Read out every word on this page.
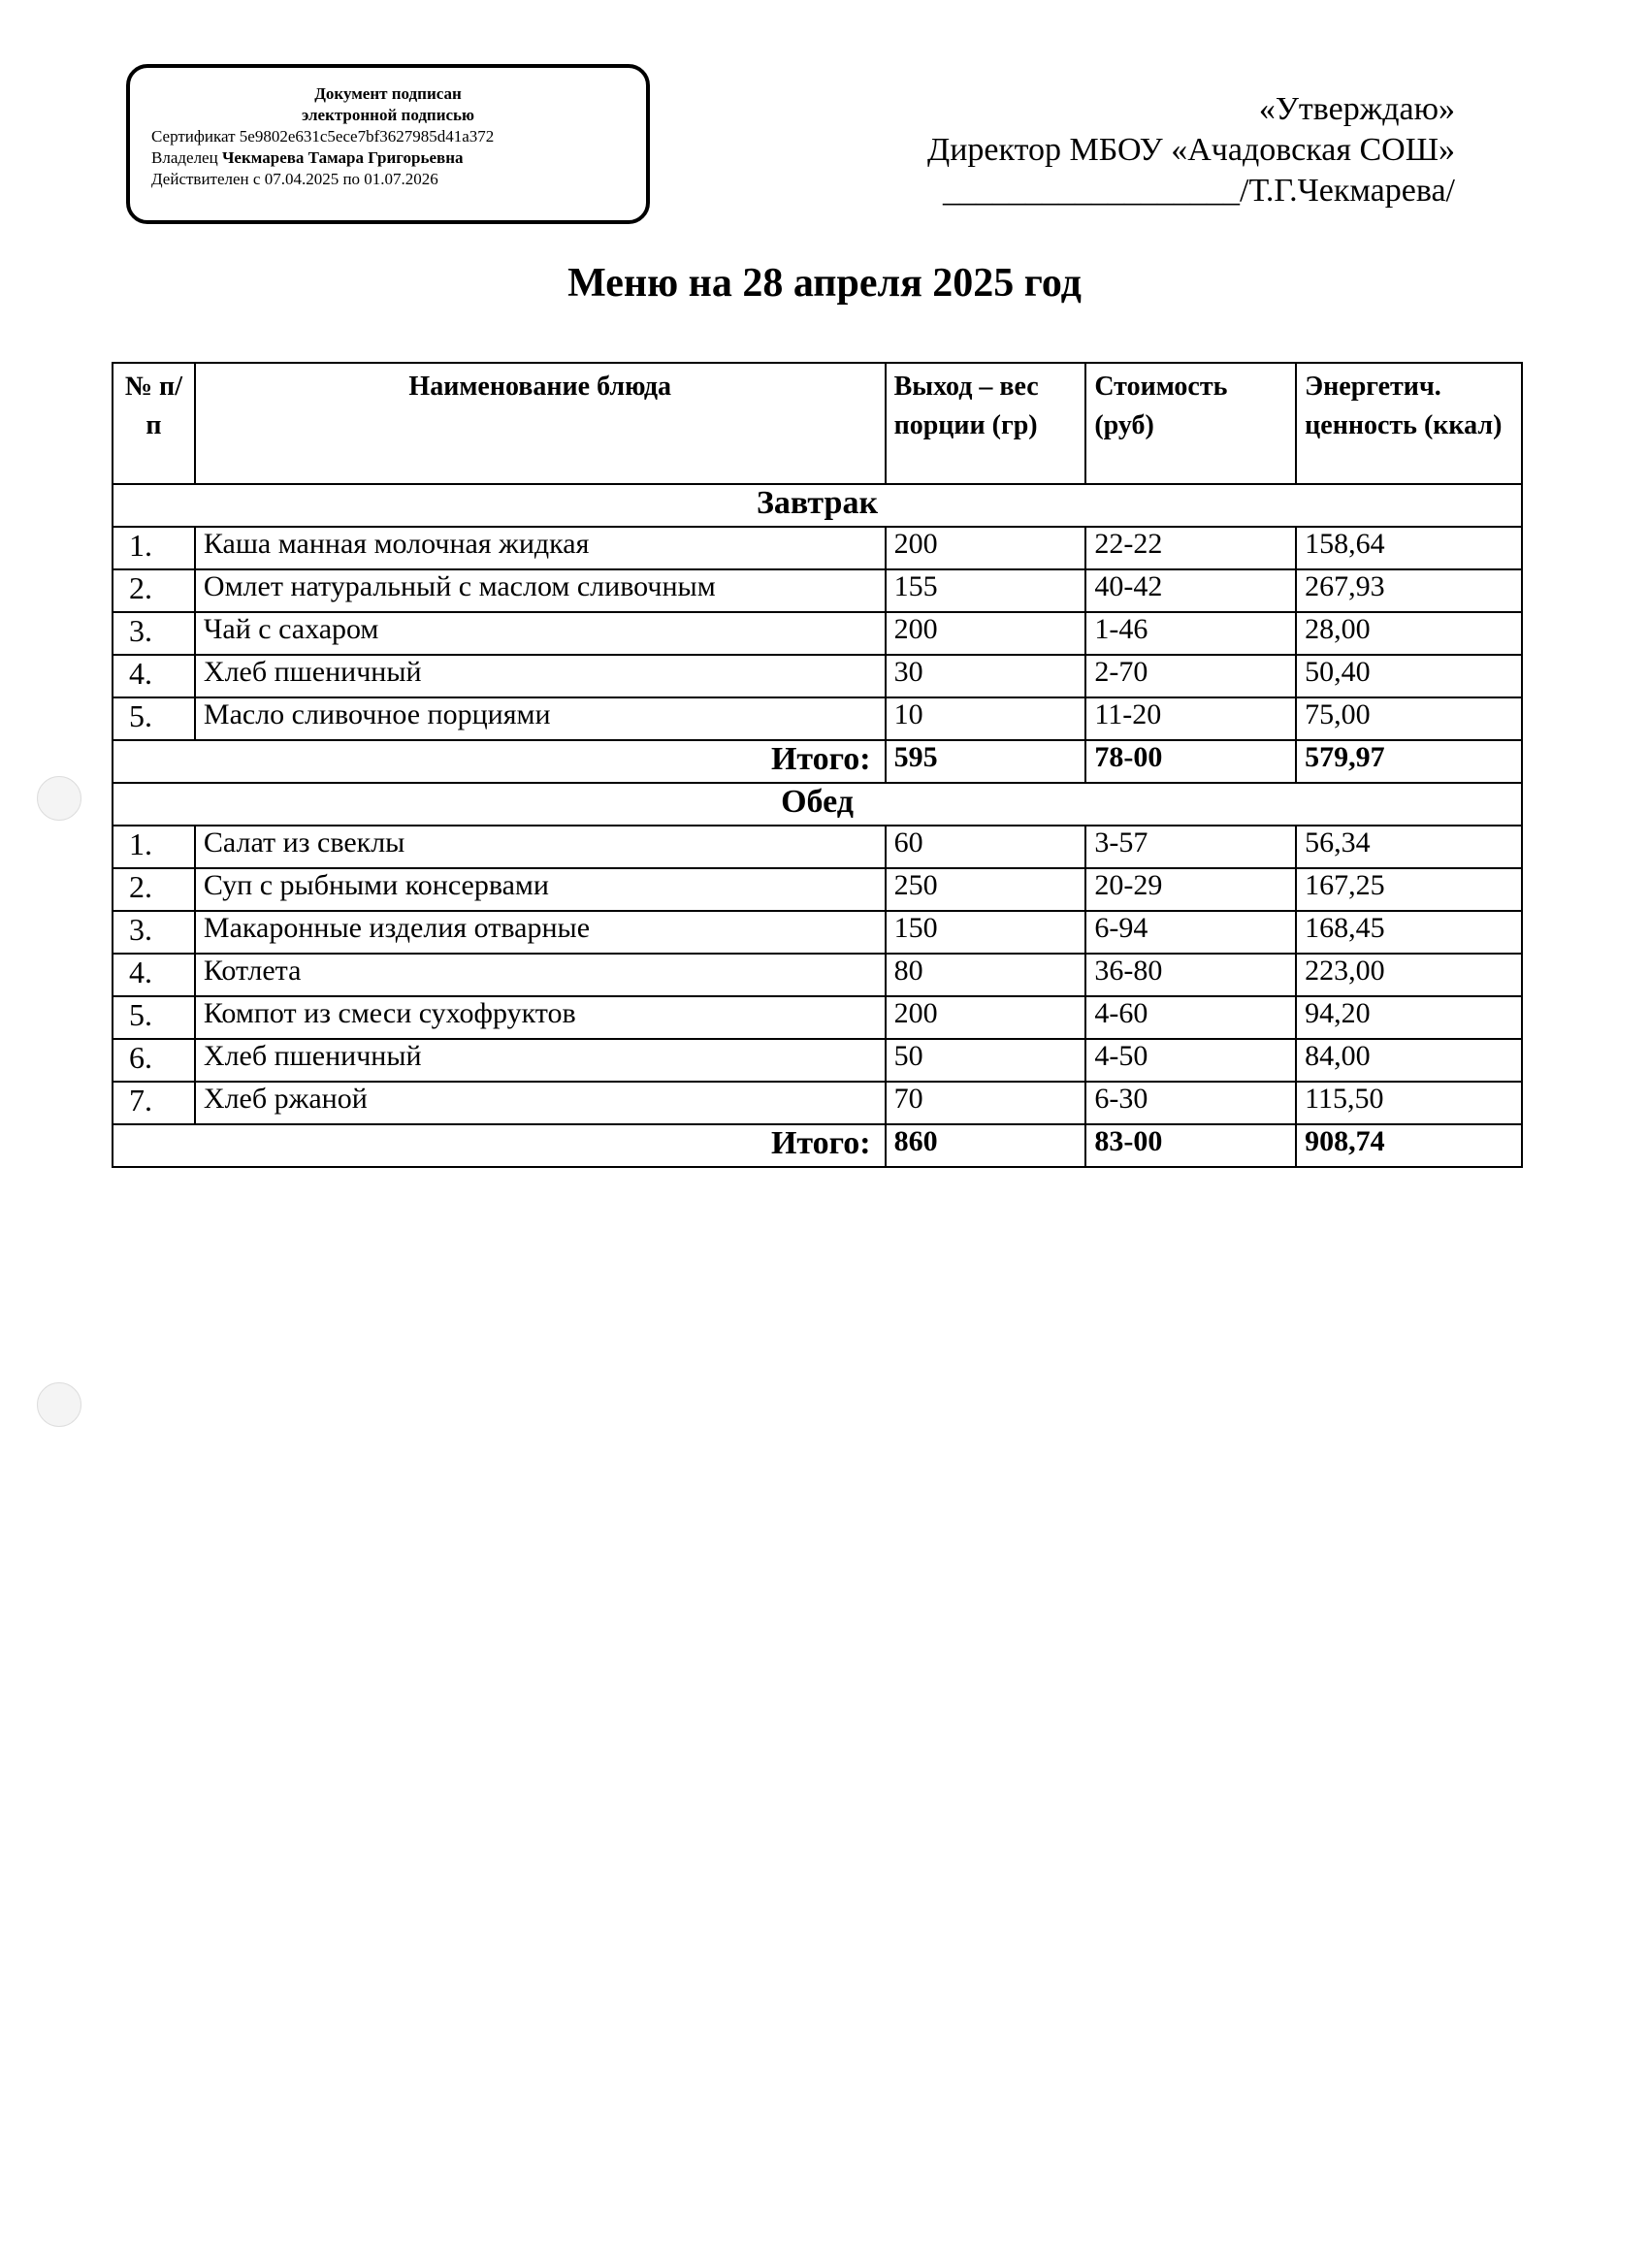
Документ подписан
электронной подписью
Сертификат 5e9802e631c5ece7bf3627985d41a372
Владелец Чекмарева Тамара Григорьевна
Действителен с 07.04.2025 по 01.07.2026
«Утверждаю»
Директор МБОУ «Ачадовская СОШ»
__________________/Т.Г.Чекмарева/
Меню на 28 апреля 2025 год
№ п/п	Наименование блюда	Выход – вес порции (гр)	Стоимость (руб)	Энергетич. ценность (ккал)
Завтрак				
1.	Каша манная молочная жидкая	200	22-22	158,64
2.	Омлет натуральный с маслом сливочным	155	40-42	267,93
3.	Чай с сахаром	200	1-46	28,00
4.	Хлеб пшеничный	30	2-70	50,40
5.	Масло сливочное порциями	10	11-20	75,00
Итого:		595	78-00	579,97
Обед				
1.	Салат из свеклы	60	3-57	56,34
2.	Суп с рыбными консервами	250	20-29	167,25
3.	Макаронные изделия отварные	150	6-94	168,45
4.	Котлета	80	36-80	223,00
5.	Компот из смеси сухофруктов	200	4-60	94,20
6.	Хлеб пшеничный	50	4-50	84,00
7.	Хлеб ржаной	70	6-30	115,50
Итого:		860	83-00	908,74
